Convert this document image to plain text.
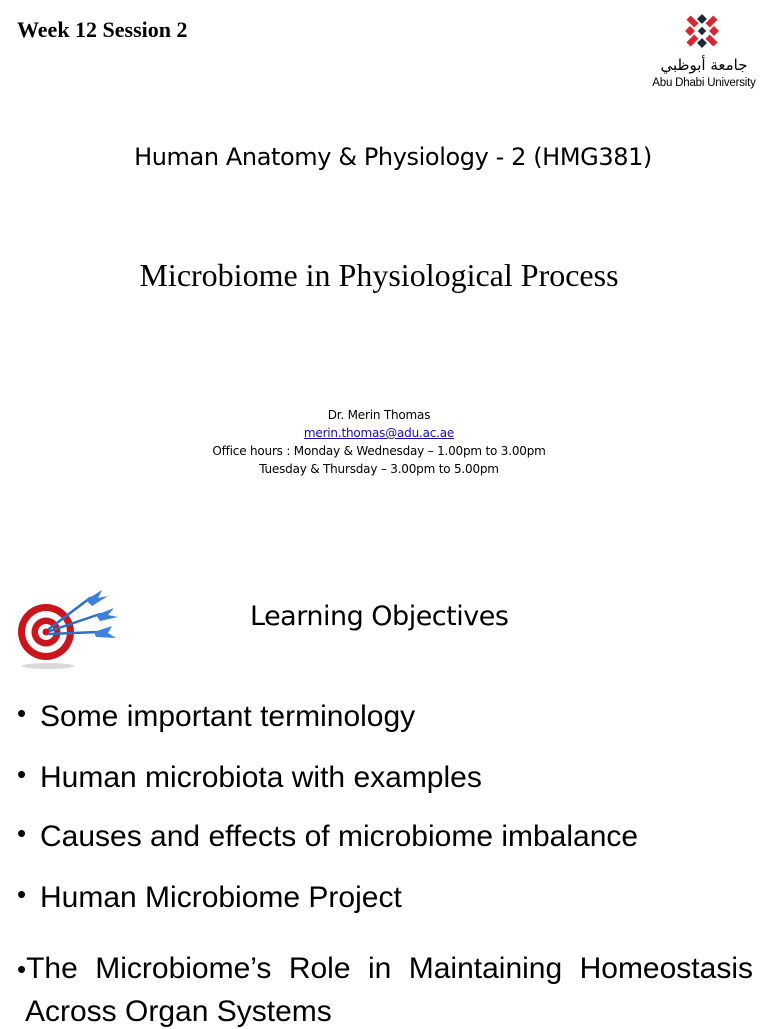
Week 12 Session 2
جامعة أبوظبي
Abu Dhabi University
Human Anatomy & Physiology - 2 (HMG381)
Microbiome in Physiological Process
Dr. Merin Thomas
merin.thomas@adu.ac.ae
Office hours : Monday & Wednesday – 1.00pm to 3.00pm
Tuesday & Thursday – 3.00pm to 5.00pm
Learning Objectives
• Some important terminology
• Human microbiota with examples
• Causes and effects of microbiome imbalance
• Human Microbiome Project
•The Microbiome’s Role in Maintaining Homeostasis
Across Organ Systems
